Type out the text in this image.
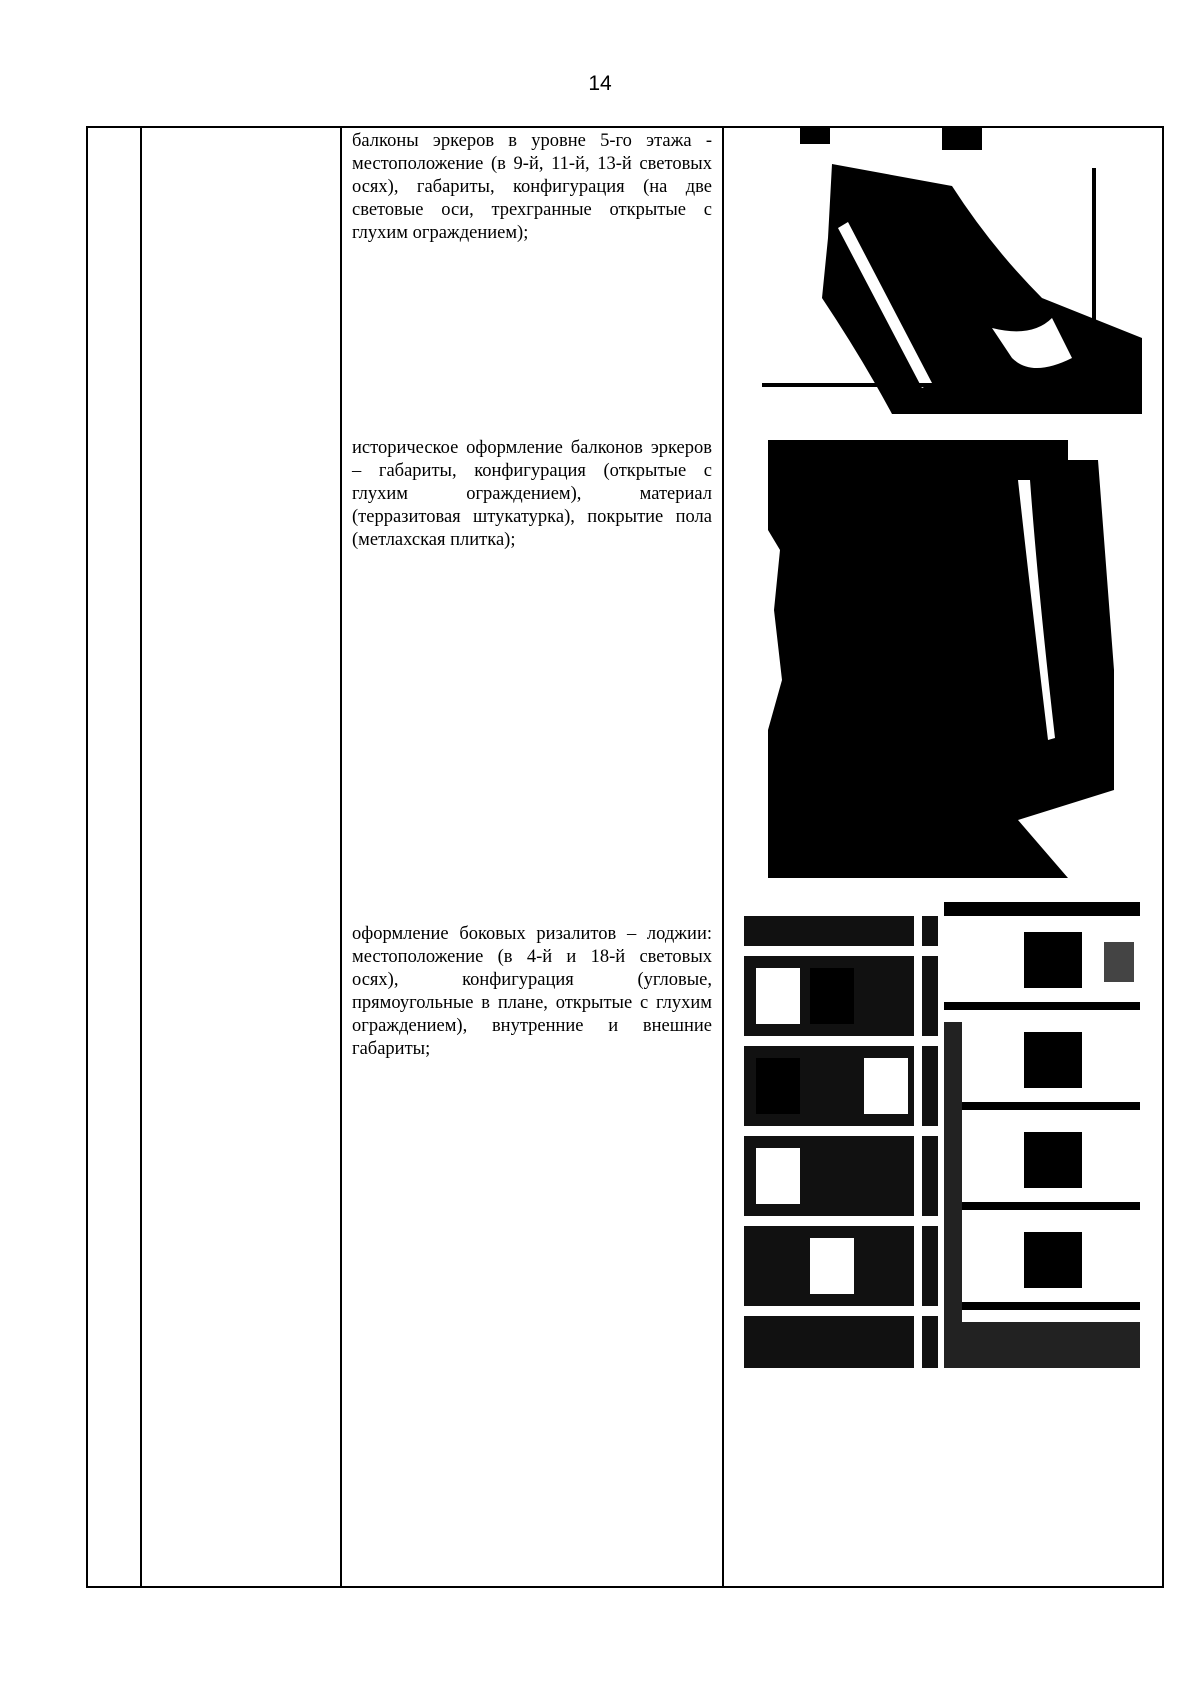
14
балконы эркеров в уровне 5-го этажа - местоположение (в 9-й, 11-й, 13-й световых осях), габариты, конфигурация (на две световые оси, трехгранные открытые с глухим ограждением);
историческое оформление балконов эркеров – габариты, конфигурация (открытые с глухим ограждением), материал (терразитовая штукатурка), покрытие пола (метлахская плитка);
оформление боковых ризалитов – лоджии: местоположение (в 4-й и 18-й световых осях), конфигурация (угловые, прямоугольные в плане, открытые с глухим ограждением), внутренние и внешние габариты;
